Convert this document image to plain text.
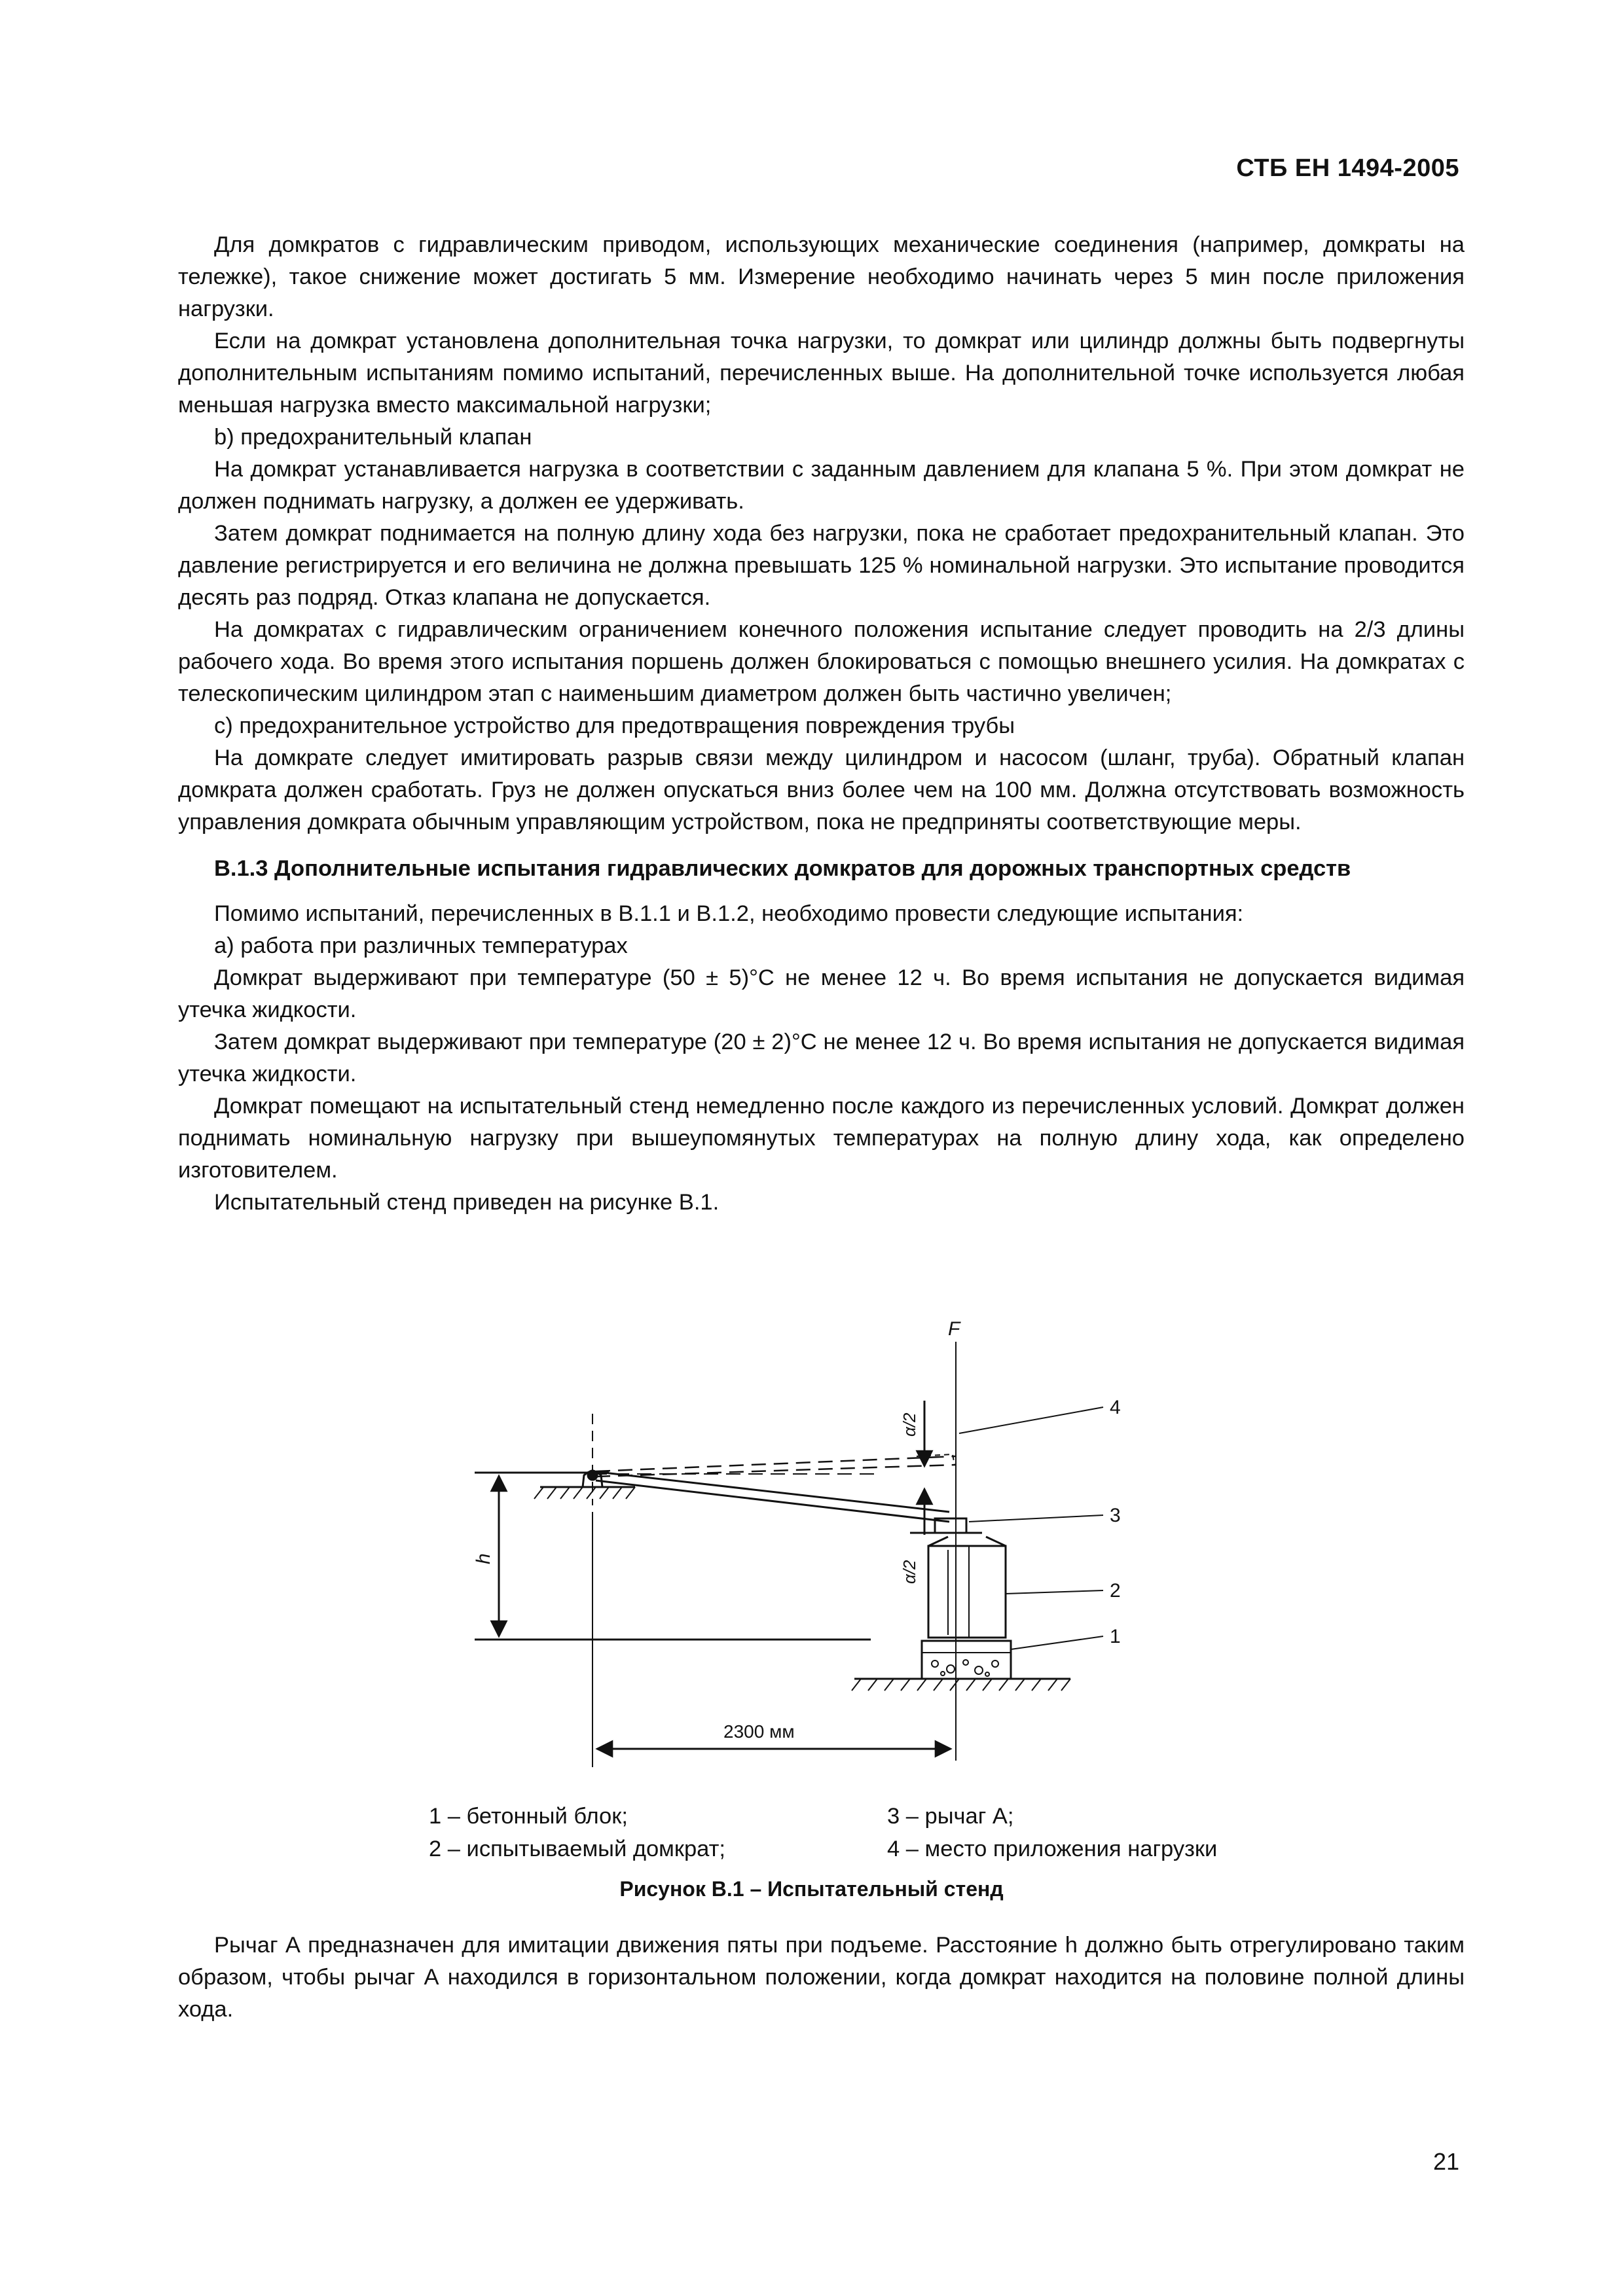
СТБ ЕН 1494-2005

Для домкратов с гидравлическим приводом, использующих механические соединения (например, домкраты на тележке), такое снижение может достигать 5 мм. Измерение необходимо начинать через 5 мин после приложения нагрузки.

Если на домкрат установлена дополнительная точка нагрузки, то домкрат или цилиндр должны быть подвергнуты дополнительным испытаниям помимо испытаний, перечисленных выше. На дополнительной точке используется любая меньшая нагрузка вместо максимальной нагрузки;

b) предохранительный клапан

На домкрат устанавливается нагрузка в соответствии с заданным давлением для клапана 5 %. При этом домкрат не должен поднимать нагрузку, а должен ее удерживать.

Затем домкрат поднимается на полную длину хода без нагрузки, пока не сработает предохранительный клапан. Это давление регистрируется и его величина не должна превышать 125 % номинальной нагрузки. Это испытание проводится десять раз подряд. Отказ клапана не допускается.

На домкратах с гидравлическим ограничением конечного положения испытание следует проводить на 2/3 длины рабочего хода. Во время этого испытания поршень должен блокироваться с помощью внешнего усилия. На домкратах с телескопическим цилиндром этап с наименьшим диаметром должен быть частично увеличен;

c) предохранительное устройство для предотвращения повреждения трубы

На домкрате следует имитировать разрыв связи между цилиндром и насосом (шланг, труба). Обратный клапан домкрата должен сработать. Груз не должен опускаться вниз более чем на 100 мм. Должна отсутствовать возможность управления домкрата обычным управляющим устройством, пока не предприняты соответствующие меры.

В.1.3 Дополнительные испытания гидравлических домкратов для дорожных транспортных средств

Помимо испытаний, перечисленных в В.1.1 и В.1.2, необходимо провести следующие испытания:

a) работа при различных температурах

Домкрат выдерживают при температуре (50 ± 5)°С не менее 12 ч. Во время испытания не допускается видимая утечка жидкости.

Затем домкрат выдерживают при температуре (20 ± 2)°С не менее 12 ч. Во время испытания не допускается видимая утечка жидкости.

Домкрат помещают на испытательный стенд немедленно после каждого из перечисленных условий. Домкрат должен поднимать номинальную нагрузку при вышеупомянутых температурах на полную длину хода, как определено изготовителем.

Испытательный стенд приведен на рисунке В.1.

F
h
α/2
α/2
2300 мм
4
3
2
1
1 – бетонный блок;	3 – рычаг А;
2 – испытываемый домкрат;	4 – место приложения нагрузки
Рисунок В.1 – Испытательный стенд

Рычаг А предназначен для имитации движения пяты при подъеме. Расстояние h должно быть отрегулировано таким образом, чтобы рычаг А находился в горизонтальном положении, когда домкрат находится на половине полной длины хода.

21
